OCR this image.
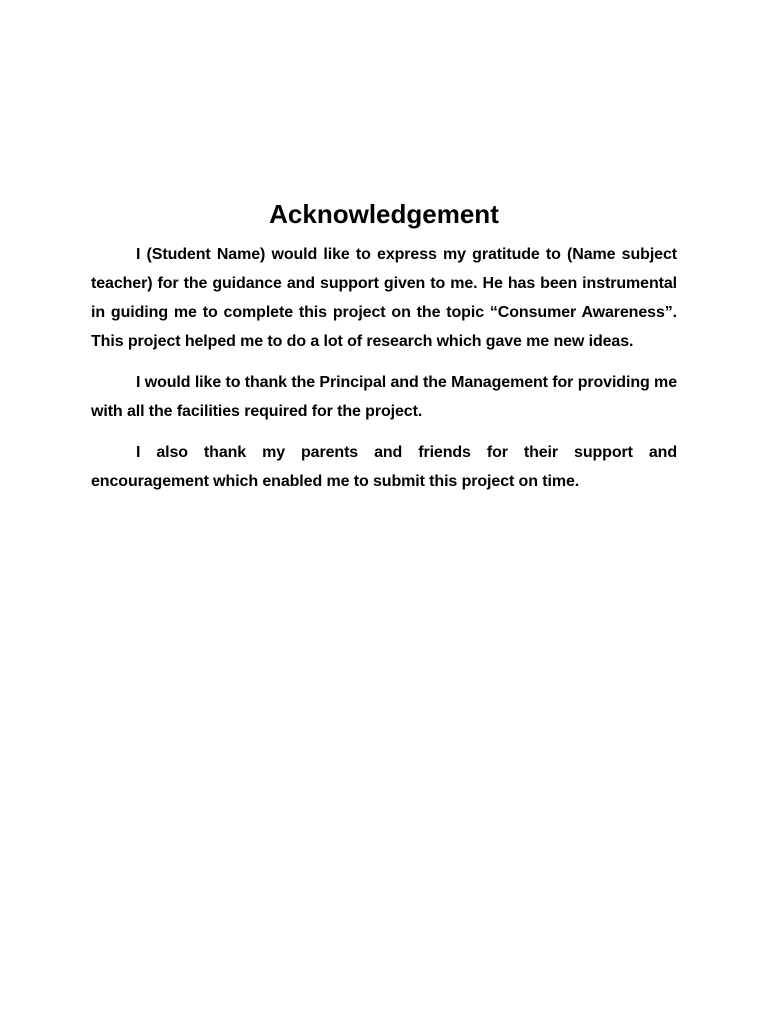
Acknowledgement

I (Student Name) would like to express my gratitude to (Name subject teacher) for the guidance and support given to me. He has been instrumental in guiding me to complete this project on the topic “Consumer Awareness”. This project helped me to do a lot of research which gave me new ideas.

I would like to thank the Principal and the Management for providing me with all the facilities required for the project.

I also thank my parents and friends for their support and encouragement which enabled me to submit this project on time.
